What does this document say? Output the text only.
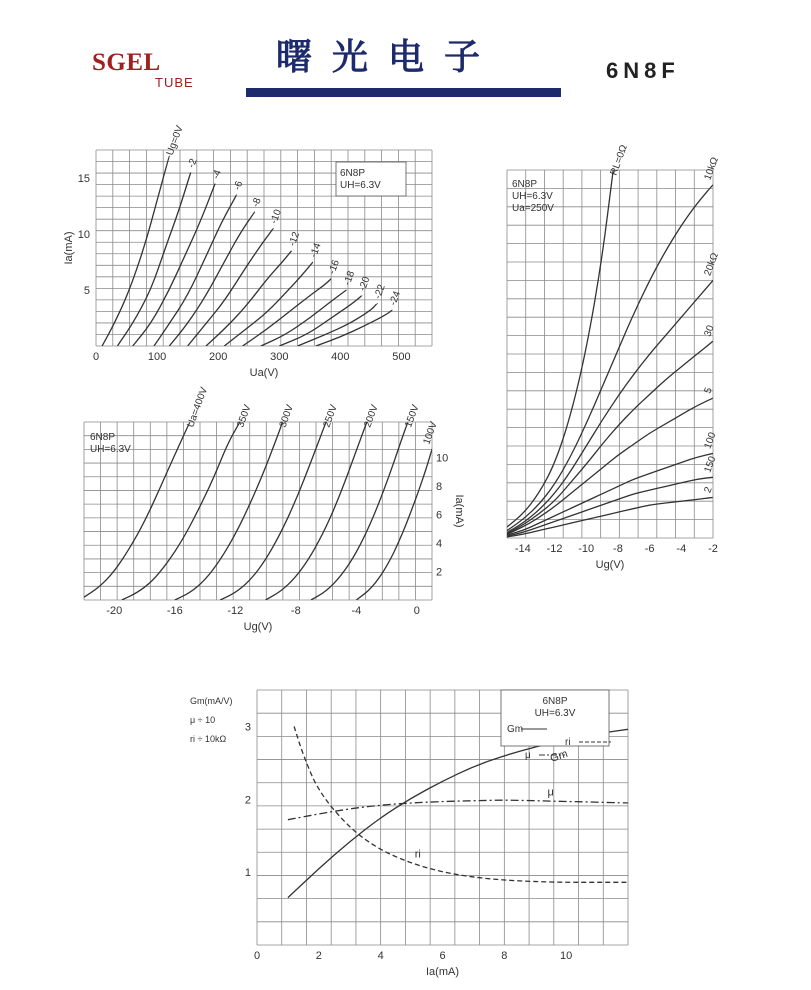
SGEL
TUBE
曙光电子	6N8F
Ug=0V
-2
-4
-6
-8
-10
-12
-14
-16
-18 -20 -22 -24
0	100	200	300	400	500
5
10
15
Ua(V)
Ia(mA)
6N8P
UH=6.3V
Ua=400V	350V 300V	250V 200V 150V
100V
-20	-16	-12	-8	-4	0
2
4
6
8
10
Ug(V)
Ia(mA)
6N8P
UH=6.3V
RL=0Ω	10kΩ
20kΩ
30
5
100
150
2
-14 -12 -10 -8 -6 -4 -2
Ug(V)
6N8P
UH=6.3V
Ua=250V
Gm
ri
μ
0	2	4	6	8	10
1
2
3
Ia(mA)
6N8P
UH=6.3V
Gm
ri
μ
Gm(mA/V)
μ ÷ 10
ri ÷ 10kΩ
